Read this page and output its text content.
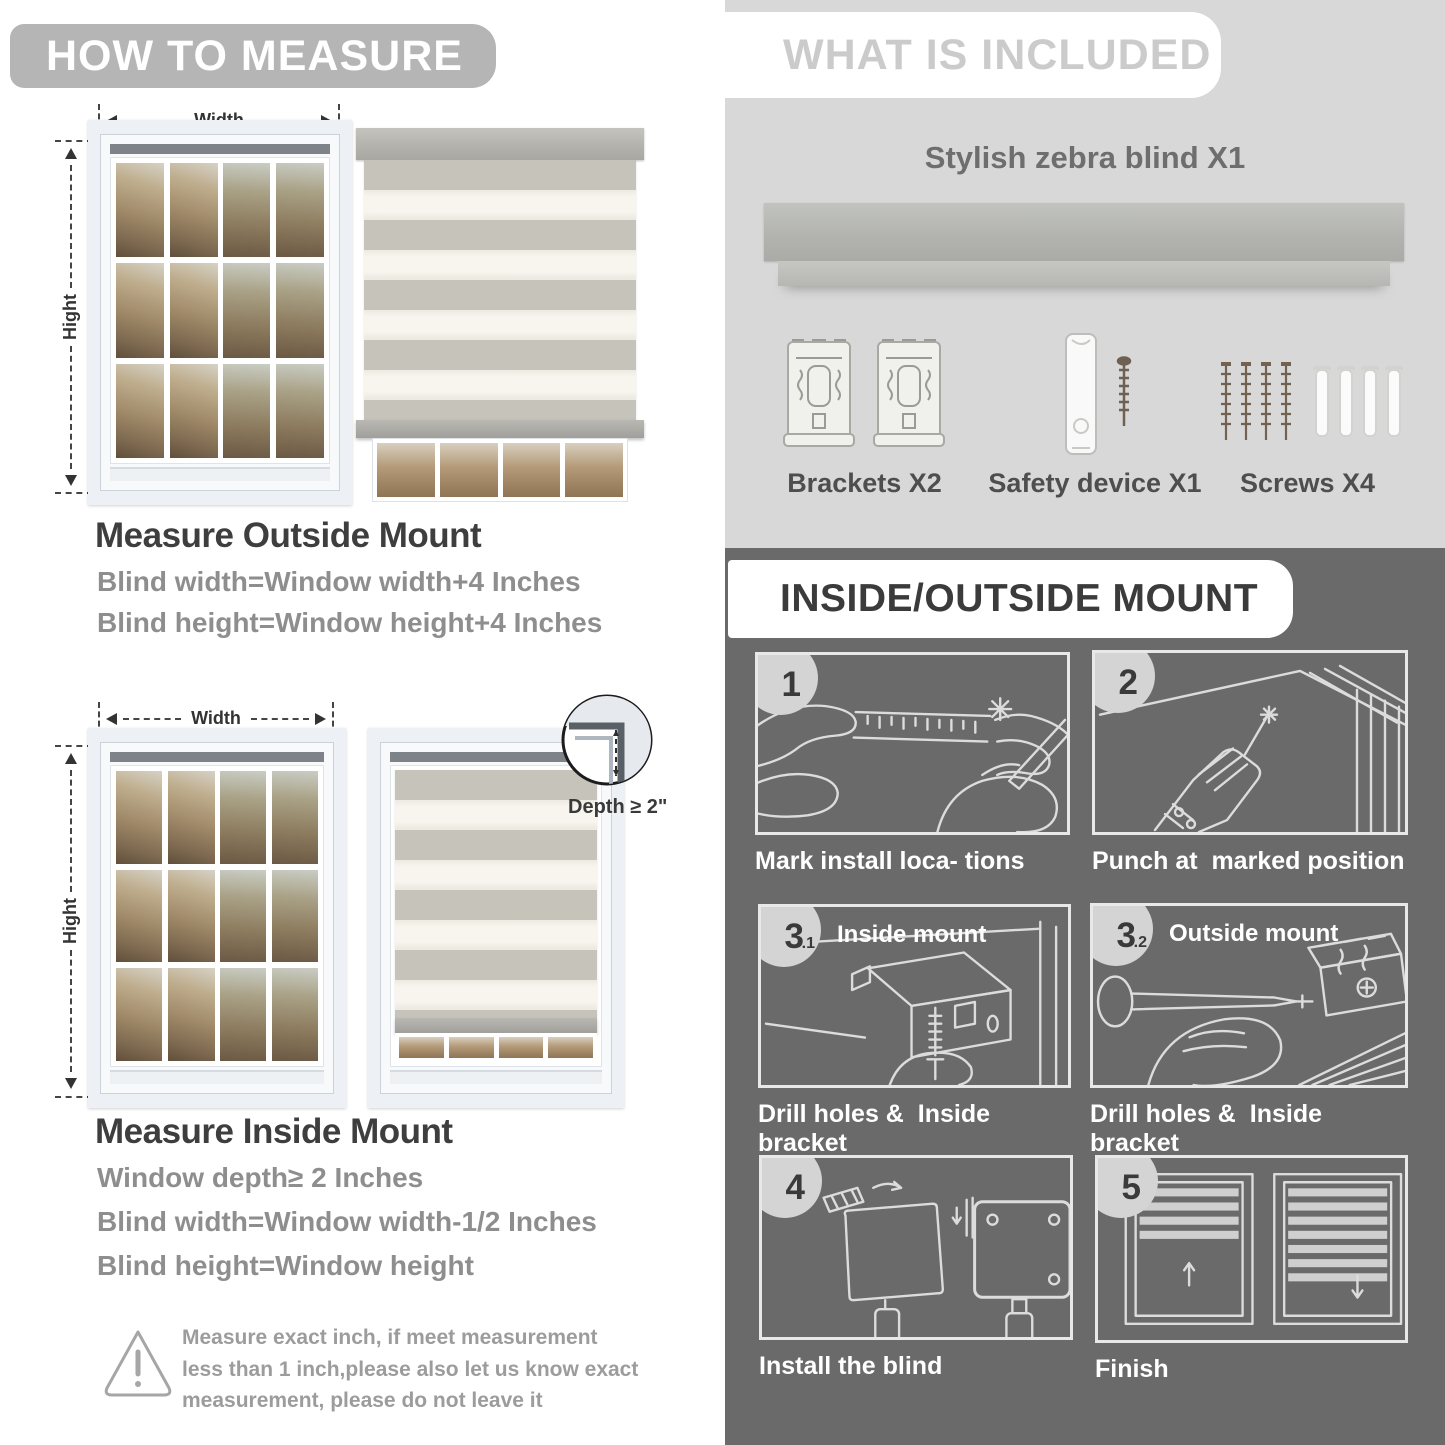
HOW TO MEASURE
Hight
Measure Outside Mount
Blind width=Window width+4 Inches
Blind height=Window height+4 Inches
Width
Hight
Depth ≥ 2"
Measure Inside Mount
Window depth≥ 2 Inches
Blind width=Window width-1/2 Inches
Blind height=Window height
Measure exact inch, if meet measurement less than 1 inch,please also let us know exact measurement, please do not leave it
WHAT IS INCLUDED
Stylish zebra blind X1
Brackets X2	Safety device X1	Screws X4
INSIDE/OUTSIDE MOUNT
1
Mark install loca- tions
2
Punch at  marked position
3
.1 Inside mount
Drill holes &  Inside bracket
3
.2 Outside mount
Drill holes &  Inside bracket
4
Install the blind
5
Finish
